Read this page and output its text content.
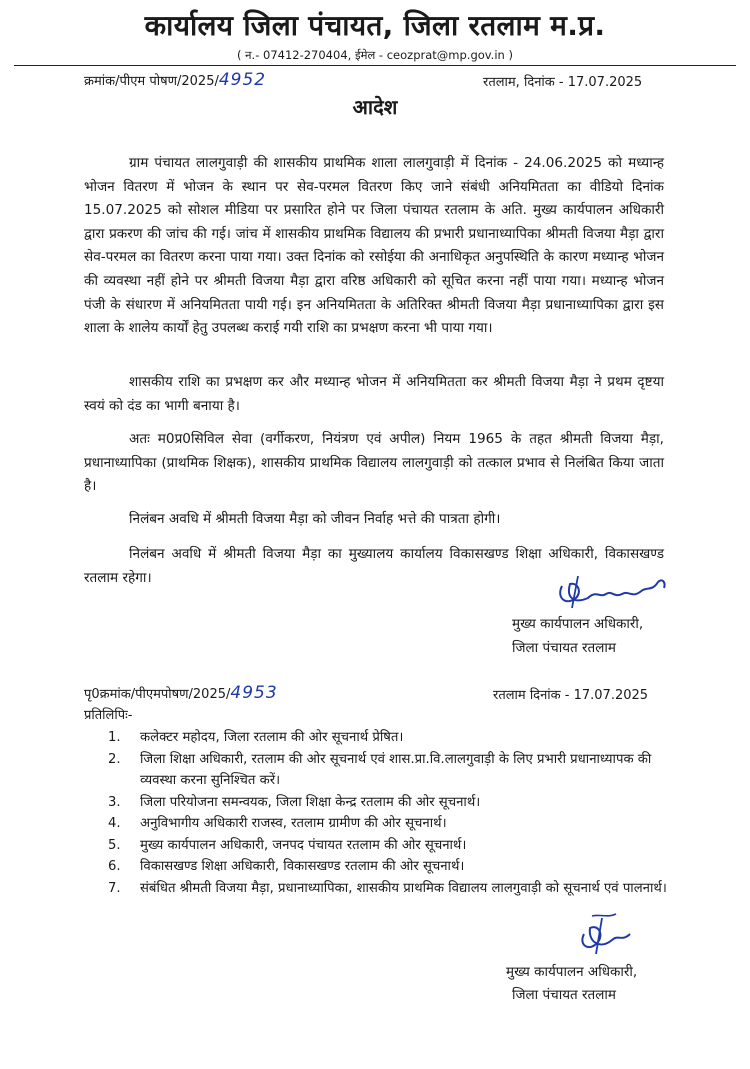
कार्यालय जिला पंचायत, जिला रतलाम म.प्र.
( न.- 07412-270404, ईमेल - ceozprat@mp.gov.in )
क्रमांक/पीएम पोषण/2025/4952	रतलाम, दिनांक - 17.07.2025
आदेश
ग्राम पंचायत लालगुवाड़ी की शासकीय प्राथमिक शाला लालगुवाड़ी में दिनांक - 24.06.2025 को मध्यान्ह भोजन वितरण में भोजन के स्थान पर सेव-परमल वितरण किए जाने संबंधी अनियमितता का वीडियो दिनांक 15.07.2025 को सोशल मीडिया पर प्रसारित होने पर जिला पंचायत रतलाम के अति. मुख्य कार्यपालन अधिकारी द्वारा प्रकरण की जांच की गई। जांच में शासकीय प्राथमिक विद्यालय की प्रभारी प्रधानाध्यापिका श्रीमती विजया मैड़ा द्वारा सेव-परमल का वितरण करना पाया गया। उक्त दिनांक को रसोईया की अनाधिकृत अनुपस्थिति के कारण मध्यान्ह भोजन की व्यवस्था नहीं होने पर श्रीमती विजया मैड़ा द्वारा वरिष्ठ अधिकारी को सूचित करना नहीं पाया गया। मध्यान्ह भोजन पंजी के संधारण में अनियमितता पायी गई। इन अनियमितता के अतिरिक्त श्रीमती विजया मैड़ा प्रधानाध्यापिका द्वारा इस शाला के शालेय कार्यों हेतु उपलब्ध कराई गयी राशि का प्रभक्षण करना भी पाया गया।
शासकीय राशि का प्रभक्षण कर और मध्यान्ह भोजन में अनियमितता कर श्रीमती विजया मैड़ा ने प्रथम दृष्टया स्वयं को दंड का भागी बनाया है।
अतः म0प्र0सिविल सेवा (वर्गीकरण, नियंत्रण एवं अपील) नियम 1965 के तहत श्रीमती विजया मैड़ा, प्रधानाध्यापिका (प्राथमिक शिक्षक), शासकीय प्राथमिक विद्यालय लालगुवाड़ी को तत्काल प्रभाव से निलंबित किया जाता है।
निलंबन अवधि में श्रीमती विजया मैड़ा को जीवन निर्वाह भत्ते की पात्रता होगी।
निलंबन अवधि में श्रीमती विजया मैड़ा का मुख्यालय कार्यालय विकासखण्ड शिक्षा अधिकारी, विकासखण्ड रतलाम रहेगा।
मुख्य कार्यपालन अधिकारी,
जिला पंचायत रतलाम
पृ0क्रमांक/पीएमपोषण/2025/4953	रतलाम दिनांक - 17.07.2025
प्रतिलिपिः-

1. कलेक्टर महोदय, जिला रतलाम की ओर सूचनार्थ प्रेषित।

2. जिला शिक्षा अधिकारी, रतलाम की ओर सूचनार्थ एवं शास.प्रा.वि.लालगुवाड़ी के लिए प्रभारी प्रधानाध्यापक की व्यवस्था करना सुनिश्चित करें।

3. जिला परियोजना समन्वयक, जिला शिक्षा केन्द्र रतलाम की ओर सूचनार्थ।

4. अनुविभागीय अधिकारी राजस्व, रतलाम ग्रामीण की ओर सूचनार्थ।

5. मुख्य कार्यपालन अधिकारी, जनपद पंचायत रतलाम की ओर सूचनार्थ।

6. विकासखण्ड शिक्षा अधिकारी, विकासखण्ड रतलाम की ओर सूचनार्थ।

7. संबंधित श्रीमती विजया मैड़ा, प्रधानाध्यापिका, शासकीय प्राथमिक विद्यालय लालगुवाड़ी को सूचनार्थ एवं पालनार्थ।

मुख्य कार्यपालन अधिकारी,
जिला पंचायत रतलाम
